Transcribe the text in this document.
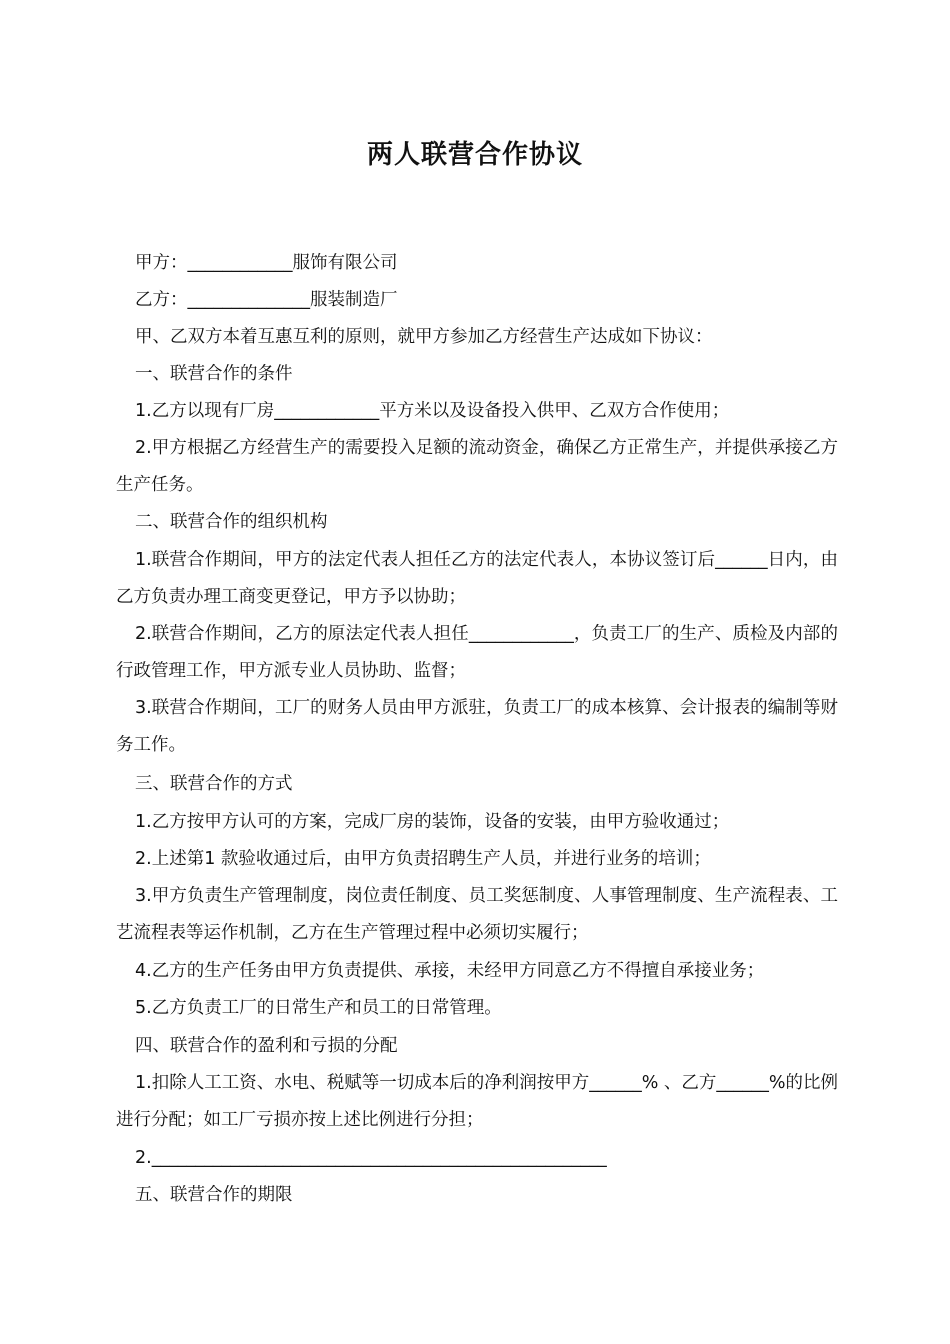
两人联营合作协议

甲方：____________服饰有限公司

乙方：______________服装制造厂

甲、乙双方本着互惠互利的原则，就甲方参加乙方经营生产达成如下协议：

一、联营合作的条件

1.乙方以现有厂房____________平方米以及设备投入供甲、乙双方合作使用；

2.甲方根据乙方经营生产的需要投入足额的流动资金，确保乙方正常生产，并提供承接乙方生产任务。

二、联营合作的组织机构

1.联营合作期间，甲方的法定代表人担任乙方的法定代表人，本协议签订后______日内，由乙方负责办理工商变更登记，甲方予以协助；

2.联营合作期间，乙方的原法定代表人担任____________，负责工厂的生产、质检及内部的行政管理工作，甲方派专业人员协助、监督；

3.联营合作期间，工厂的财务人员由甲方派驻，负责工厂的成本核算、会计报表的编制等财务工作。

三、联营合作的方式

1.乙方按甲方认可的方案，完成厂房的装饰，设备的安装，由甲方验收通过；

2.上述第1 款验收通过后，由甲方负责招聘生产人员，并进行业务的培训；

3.甲方负责生产管理制度，岗位责任制度、员工奖惩制度、人事管理制度、生产流程表、工艺流程表等运作机制，乙方在生产管理过程中必须切实履行；

4.乙方的生产任务由甲方负责提供、承接，未经甲方同意乙方不得擅自承接业务；

5.乙方负责工厂的日常生产和员工的日常管理。

四、联营合作的盈利和亏损的分配

1.扣除人工工资、水电、税赋等一切成本后的净利润按甲方______% 、乙方______%的比例进行分配；如工厂亏损亦按上述比例进行分担；

2.____________________________________________________

五、联营合作的期限
